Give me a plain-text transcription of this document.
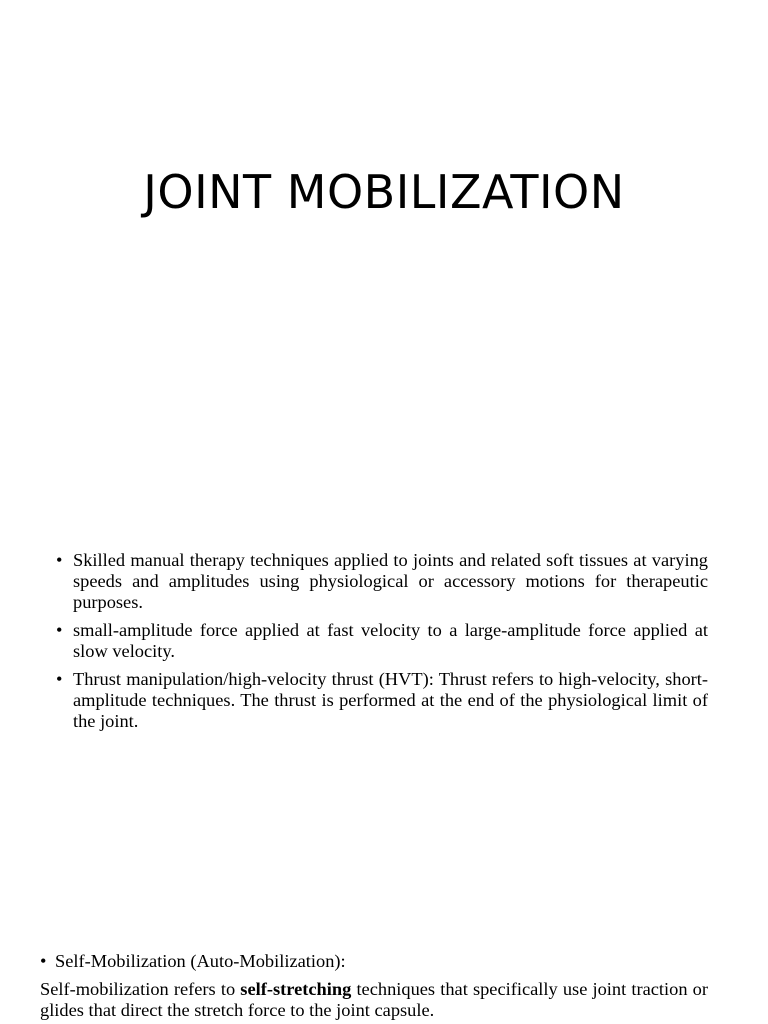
JOINT MOBILIZATION
• Skilled manual therapy techniques applied to joints and related soft tissues at varying speeds and amplitudes using physiological or accessory motions for therapeutic purposes.
• small-amplitude force applied at fast velocity to a large-amplitude force applied at slow velocity.
• Thrust manipulation/high-velocity thrust (HVT): Thrust refers to high-velocity, short-amplitude techniques. The thrust is performed at the end of the physiological limit of the joint.

• Self-Mobilization (Auto-Mobilization):

Self-mobilization refers to self-stretching techniques that specifically use joint traction or glides that direct the stretch force to the joint capsule.
